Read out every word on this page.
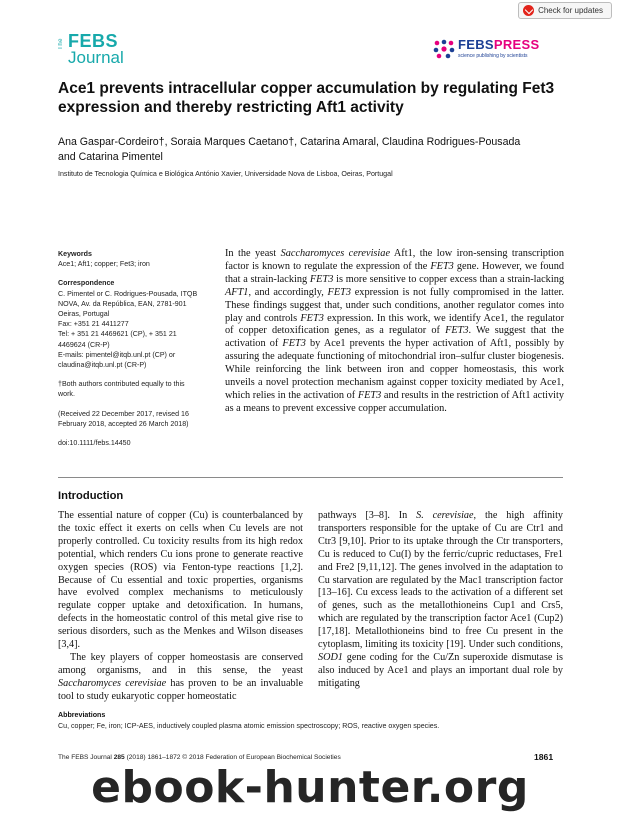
Check for updates
The FEBS
Journal
FEBSPRESS
science publishing by scientists
Ace1 prevents intracellular copper accumulation by regulating Fet3 expression and thereby restricting Aft1 activity

Ana Gaspar-Cordeiro†, Soraia Marques Caetano†, Catarina Amaral, Claudina Rodrigues-Pousada
and Catarina Pimentel

Instituto de Tecnologia Química e Biológica António Xavier, Universidade Nova de Lisboa, Oeiras, Portugal

Keywords

Ace1; Aft1; copper; Fet3; iron

Correspondence

C. Pimentel or C. Rodrigues-Pousada, ITQB

NOVA, Av. da República, EAN, 2781-901

Oeiras, Portugal

Fax: +351 21 4411277

Tel: + 351 21 4469621 (CP), + 351 21

4469624 (CR-P)

E-mails: pimentel@itqb.unl.pt (CP) or

claudina@itqb.unl.pt (CR-P)

†Both authors contributed equally to this

work.

(Received 22 December 2017, revised 16

February 2018, accepted 26 March 2018)

doi:10.1111/febs.14450

In the yeast Saccharomyces cerevisiae Aft1, the low iron-sensing transcription factor is known to regulate the expression of the FET3 gene. However, we found that a strain-lacking FET3 is more sensitive to copper excess than a strain-lacking AFT1, and accordingly, FET3 expression is not fully compromised in the latter. These findings suggest that, under such conditions, another regulator comes into play and controls FET3 expression. In this work, we identify Ace1, the regulator of copper detoxification genes, as a regulator of FET3. We suggest that the activation of FET3 by Ace1 prevents the hyper activation of Aft1, possibly by assuring the adequate functioning of mitochondrial iron–sulfur cluster biogenesis. While reinforcing the link between iron and copper homeostasis, this work unveils a novel protection mechanism against copper toxicity mediated by Ace1, which relies in the activation of FET3 and results in the restriction of Aft1 activity as a means to prevent excessive copper accumulation.

Introduction

The essential nature of copper (Cu) is counterbalanced by the toxic effect it exerts on cells when Cu levels are not properly controlled. Cu toxicity results from its high redox potential, which renders Cu ions prone to generate reactive oxygen species (ROS) via Fenton-type reactions [1,2]. Because of Cu essential and toxic properties, organisms have evolved complex mechanisms to meticulously regulate copper uptake and detoxification. In humans, defects in the homeostatic control of this metal give rise to serious disorders, such as the Menkes and Wilson diseases [3,4].

The key players of copper homeostasis are conserved among organisms, and in this sense, the yeast Saccharomyces cerevisiae has proven to be an invaluable tool to study eukaryotic copper homeostatic

pathways [3–8]. In S. cerevisiae, the high affinity transporters responsible for the uptake of Cu are Ctr1 and Ctr3 [9,10]. Prior to its uptake through the Ctr transporters, Cu is reduced to Cu(I) by the ferric/cupric reductases, Fre1 and Fre2 [9,11,12]. The genes involved in the adaptation to Cu starvation are regulated by the Mac1 transcription factor [13–16]. Cu excess leads to the activation of a different set of genes, such as the metallothioneins Cup1 and Crs5, which are regulated by the transcription factor Ace1 (Cup2) [17,18]. Metallothioneins bind to free Cu present in the cytoplasm, limiting its toxicity [19]. Under such conditions, SOD1 gene coding for the Cu/Zn superoxide dismutase is also induced by Ace1 and plays an important dual role by mitigating

Abbreviations

Cu, copper; Fe, iron; ICP-AES, inductively coupled plasma atomic emission spectroscopy; ROS, reactive oxygen species.

The FEBS Journal 285 (2018) 1861–1872 © 2018 Federation of European Biochemical Societies	1861

ebook-hunter.org
